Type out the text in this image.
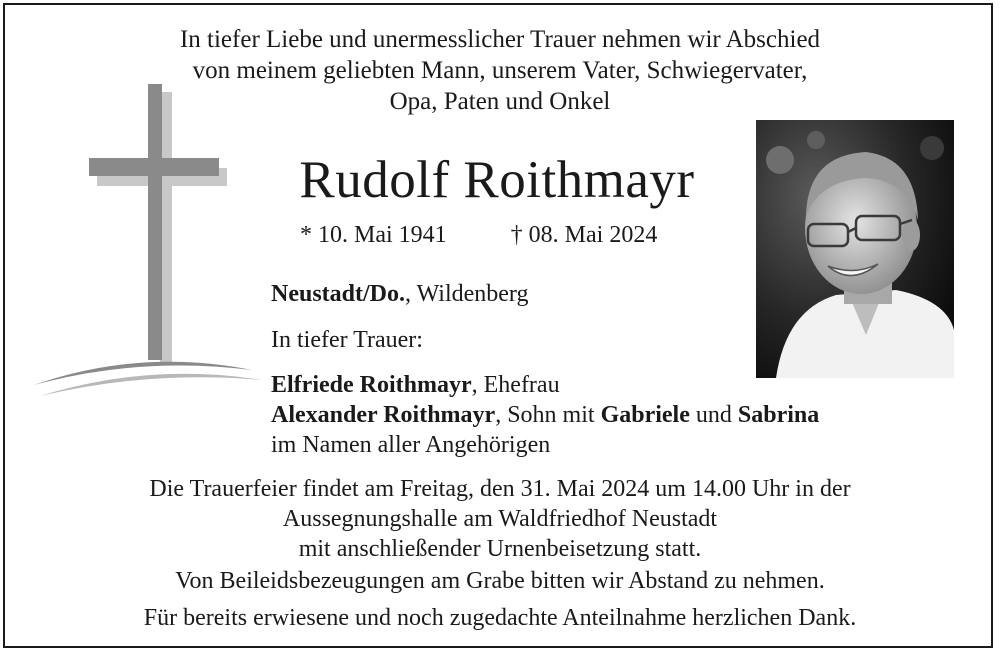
In tiefer Liebe und unermesslicher Trauer nehmen wir Abschied
von meinem geliebten Mann, unserem Vater, Schwiegervater,
Opa, Paten und Onkel
Rudolf Roithmayr
* 10. Mai 1941	† 08. Mai 2024
Neustadt/Do., Wildenberg
In tiefer Trauer:
Elfriede Roithmayr, Ehefrau
Alexander Roithmayr, Sohn mit Gabriele und Sabrina
im Namen aller Angehörigen
Die Trauerfeier findet am Freitag, den 31. Mai 2024 um 14.00 Uhr in der
Aussegnungshalle am Waldfriedhof Neustadt
mit anschließender Urnenbeisetzung statt.
Von Beileidsbezeugungen am Grabe bitten wir Abstand zu nehmen.
Für bereits erwiesene und noch zugedachte Anteilnahme herzlichen Dank.
